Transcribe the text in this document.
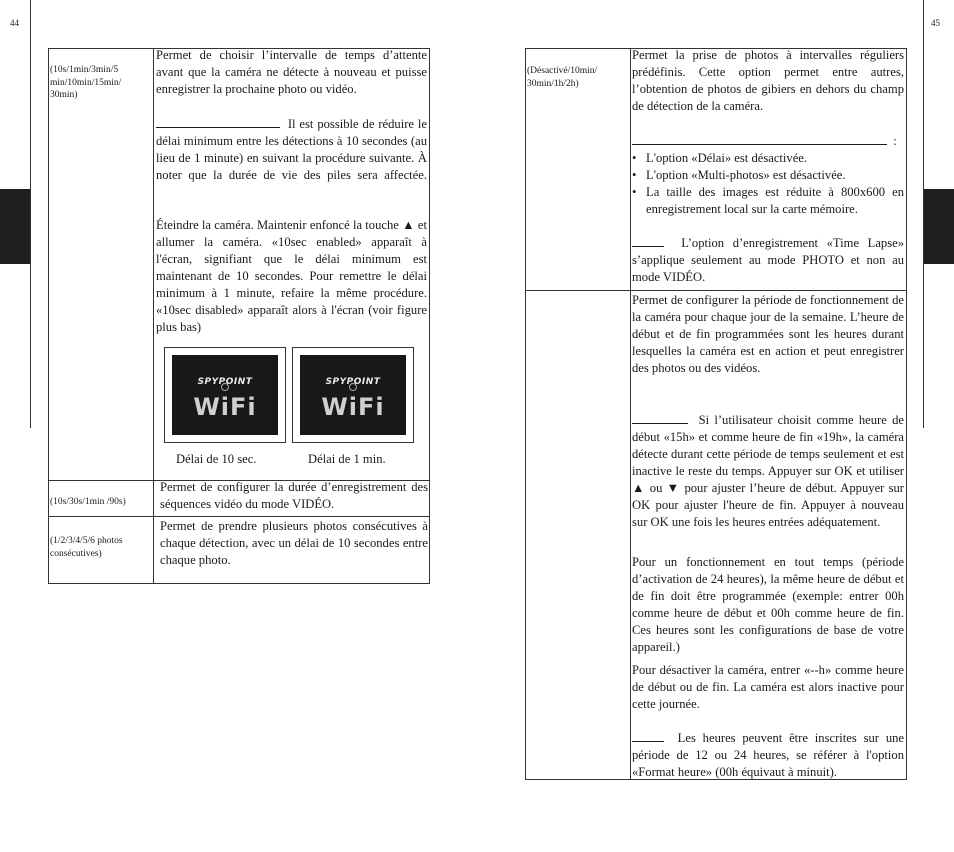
44	45
(10s/1min/3min/5 min/10min/15min/ 30min)

Permet de choisir l’intervalle de temps d’attente avant que la caméra ne détecte à nouveau et puisse enregistrer la prochaine photo ou vidéo.

Il est possible de réduire le délai minimum entre les détections à 10 secondes (au lieu de 1 minute) en suivant la procédure suivante. À noter que la durée de vie des piles sera affectée.

Éteindre la caméra. Maintenir enfoncé la touche ▲ et allumer la caméra. «10sec enabled» apparaît à l'écran, signifiant que le délai minimum est maintenant de 10 secondes. Pour remettre le délai minimum à 1 minute, refaire la même procédure. «10sec disabled» apparaît alors à l'écran (voir figure plus bas)

SPYPOINT
WiFi
SPYPOINT
WiFi
Délai de 10 sec.	Délai de 1 min.
(10s/30s/1min /90s)

Permet de configurer la durée d’enregistrement des séquences vidéo du mode VIDÉO.

(1/2/3/4/5/6 photos consécutives)

Permet de prendre plusieurs photos consécutives à chaque détection, avec un délai de 10 secondes entre chaque photo.

(Désactivé/10min/ 30min/1h/2h)

Permet la prise de photos à intervalles réguliers prédéfinis. Cette option permet entre autres, l’obtention de photos de gibiers en dehors du champ de détection de la caméra.

:

• L'option «Délai» est désactivée.
• L'option «Multi-photos» est désactivée.
• La taille des images est réduite à 800x600 en enregistrement local sur la carte mémoire.

L’option d’enregistrement «Time Lapse» s’applique seulement au mode PHOTO et non au mode VIDÉO.

Permet de configurer la période de fonctionnement de la caméra pour chaque jour de la semaine. L’heure de début et de fin programmées sont les heures durant lesquelles la caméra est en action et peut enregistrer des photos ou des vidéos.

Si l’utilisateur choisit comme heure de début «15h» et comme heure de fin «19h», la caméra détecte durant cette période de temps seulement et est inactive le reste du temps. Appuyer sur OK et utiliser ▲ ou ▼ pour ajuster l’heure de début. Appuyer sur OK pour ajuster l'heure de fin. Appuyer à nouveau sur OK une fois les heures entrées adéquatement.

Pour un fonctionnement en tout temps (période d’activation de 24 heures), la même heure de début et de fin doit être programmée (exemple: entrer 00h comme heure de début et 00h comme heure de fin. Ces heures sont les configurations de base de votre appareil.)

Pour désactiver la caméra, entrer «--h» comme heure de début ou de fin. La caméra est alors inactive pour cette journée.

Les heures peuvent être inscrites sur une période de 12 ou 24 heures, se référer à l'option «Format heure» (00h équivaut à minuit).
